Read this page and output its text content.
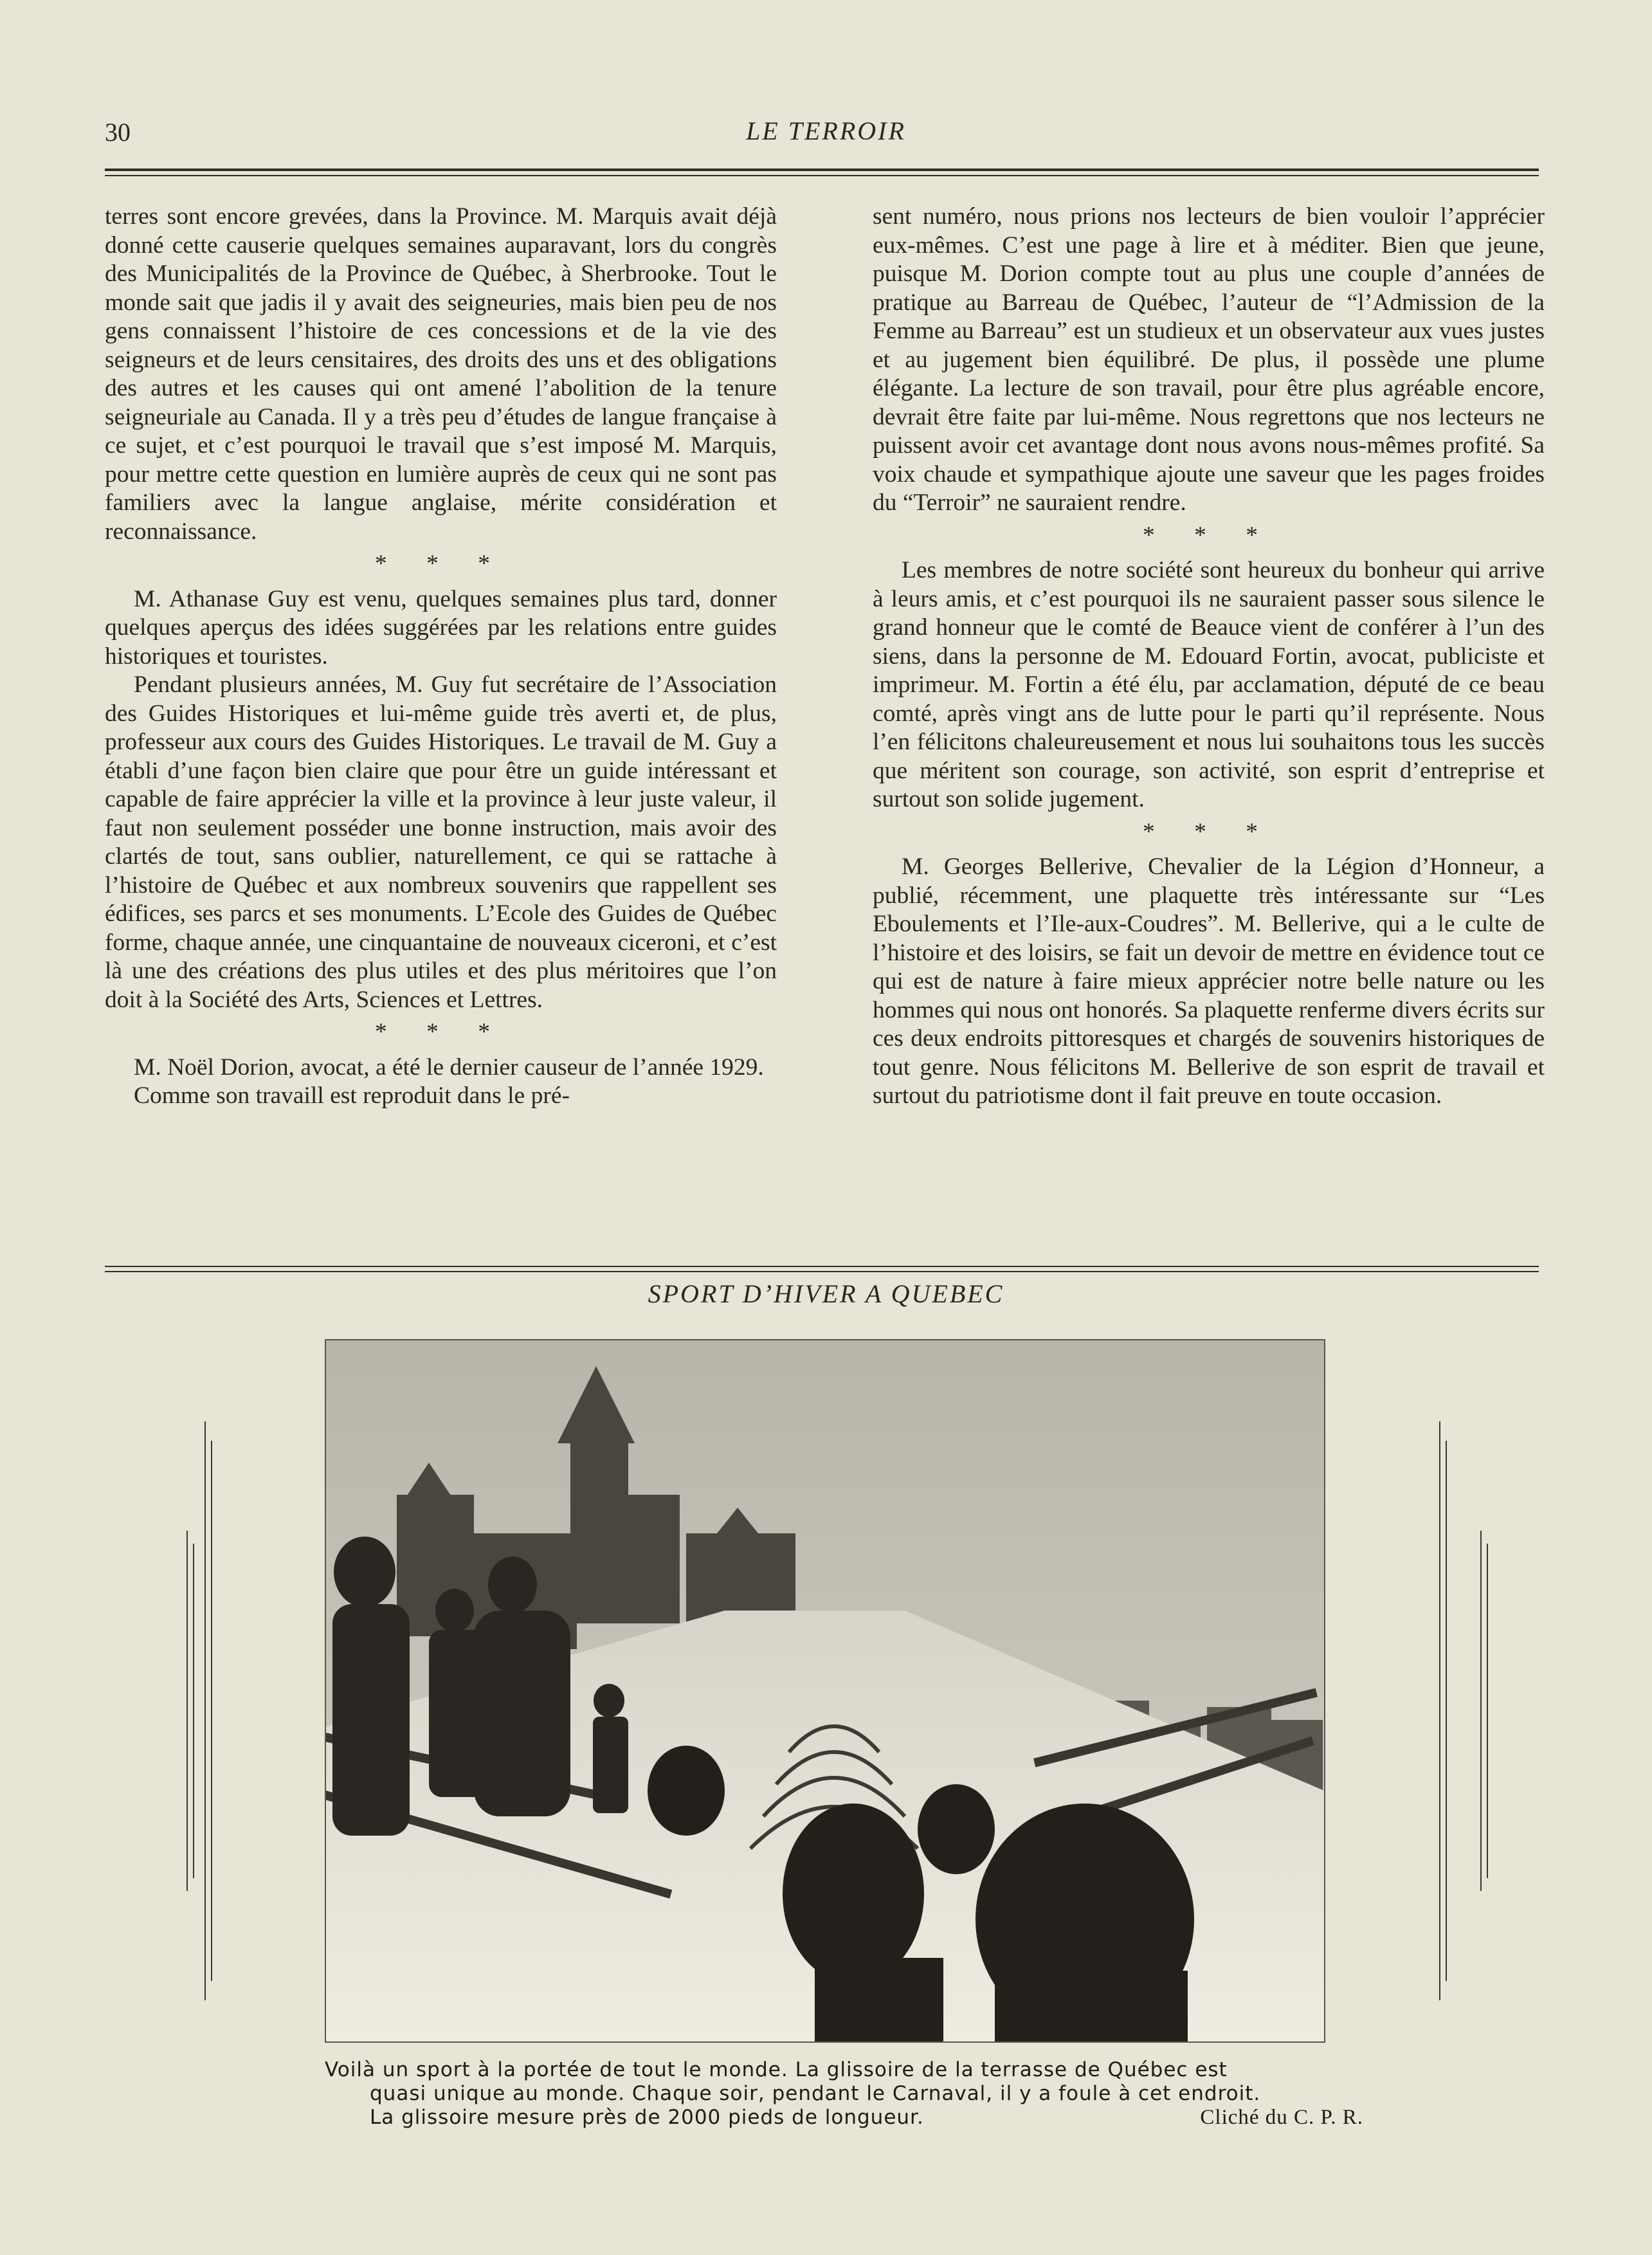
30	LE TERROIR

terres sont encore grevées, dans la Province. M. Marquis avait déjà donné cette causerie quelques semaines auparavant, lors du congrès des Municipalités de la Province de Québec, à Sherbrooke. Tout le monde sait que jadis il y avait des seigneuries, mais bien peu de nos gens connaissent l’histoire de ces concessions et de la vie des seigneurs et de leurs censitaires, des droits des uns et des obligations des autres et les causes qui ont amené l’abolition de la tenure seigneuriale au Canada. Il y a très peu d’études de langue française à ce sujet, et c’est pourquoi le travail que s’est imposé M. Marquis, pour mettre cette question en lumière auprès de ceux qui ne sont pas familiers avec la langue anglaise, mérite considération et reconnaissance.

* * *

M. Athanase Guy est venu, quelques semaines plus tard, donner quelques aperçus des idées suggérées par les relations entre guides historiques et touristes.

Pendant plusieurs années, M. Guy fut secrétaire de l’Association des Guides Historiques et lui-même guide très averti et, de plus, professeur aux cours des Guides Historiques. Le travail de M. Guy a établi d’une façon bien claire que pour être un guide intéressant et capable de faire apprécier la ville et la province à leur juste valeur, il faut non seulement posséder une bonne instruction, mais avoir des clartés de tout, sans oublier, naturellement, ce qui se rattache à l’histoire de Québec et aux nombreux souvenirs que rappellent ses édifices, ses parcs et ses monuments. L’Ecole des Guides de Québec forme, chaque année, une cinquantaine de nouveaux ciceroni, et c’est là une des créations des plus utiles et des plus méritoires que l’on doit à la Société des Arts, Sciences et Lettres.

* * *

M. Noël Dorion, avocat, a été le dernier causeur de l’année 1929.

Comme son travaill est reproduit dans le pré-

sent numéro, nous prions nos lecteurs de bien vouloir l’apprécier eux-mêmes. C’est une page à lire et à méditer. Bien que jeune, puisque M. Dorion compte tout au plus une couple d’années de pratique au Barreau de Québec, l’auteur de “l’Admission de la Femme au Barreau” est un studieux et un observateur aux vues justes et au jugement bien équilibré. De plus, il possède une plume élégante. La lecture de son travail, pour être plus agréable encore, devrait être faite par lui-même. Nous regrettons que nos lecteurs ne puissent avoir cet avantage dont nous avons nous-mêmes profité. Sa voix chaude et sympathique ajoute une saveur que les pages froides du “Terroir” ne sauraient rendre.

* * *

Les membres de notre société sont heureux du bonheur qui arrive à leurs amis, et c’est pourquoi ils ne sauraient passer sous silence le grand honneur que le comté de Beauce vient de conférer à l’un des siens, dans la personne de M. Edouard Fortin, avocat, publiciste et imprimeur. M. Fortin a été élu, par acclamation, député de ce beau comté, après vingt ans de lutte pour le parti qu’il représente. Nous l’en félicitons chaleureusement et nous lui souhaitons tous les succès que méritent son courage, son activité, son esprit d’entreprise et surtout son solide jugement.

* * *

M. Georges Bellerive, Chevalier de la Légion d’Honneur, a publié, récemment, une plaquette très intéressante sur “Les Eboulements et l’Ile-aux-Coudres”. M. Bellerive, qui a le culte de l’histoire et des loisirs, se fait un devoir de mettre en évidence tout ce qui est de nature à faire mieux apprécier notre belle nature ou les hommes qui nous ont honorés. Sa plaquette renferme divers écrits sur ces deux endroits pittoresques et chargés de souvenirs historiques de tout genre. Nous félicitons M. Bellerive de son esprit de travail et surtout du patriotisme dont il fait preuve en toute occasion.

SPORT D’HIVER A QUEBEC
Voilà un sport à la portée de tout le monde. La glissoire de la terrasse de Québec est
quasi unique au monde. Chaque soir, pendant le Carnaval, il y a foule à cet endroit.
La glissoire mesure près de 2000 pieds de longueur.	Cliché du C. P. R.
